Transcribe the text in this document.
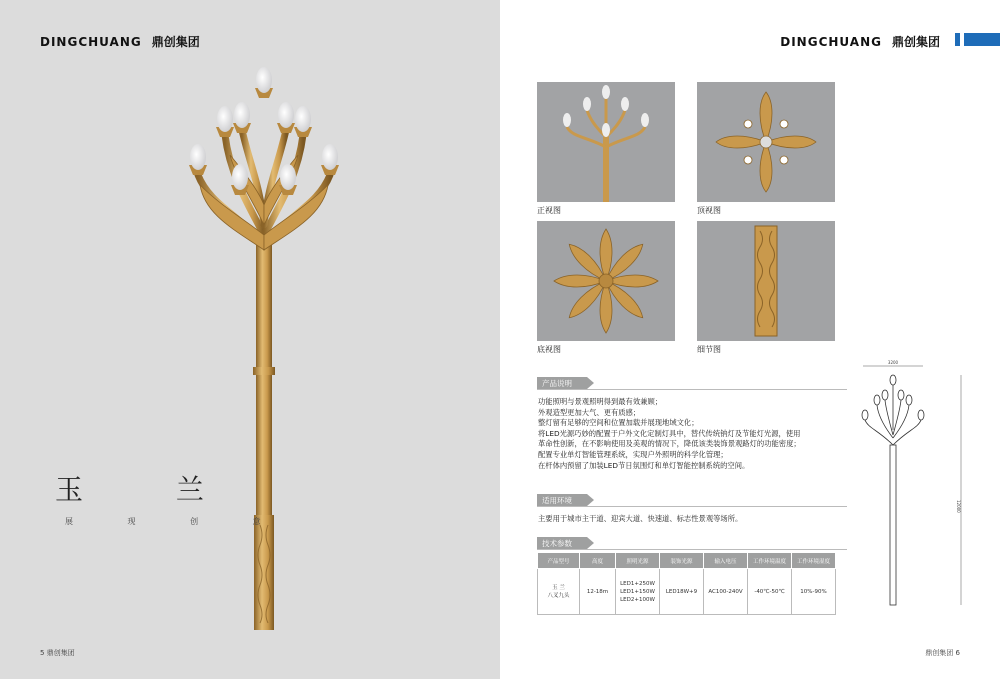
DINGCHUANG 鼎创集团
玉 兰
展 现 创 意
5 鼎创集团
DINGCHUANG 鼎创集团
正视图	顶视图
底视图	细节图
产品说明
功能照明与景观照明得到最有效兼顾；
外观造型更加大气、更有质感；
整灯留有足够的空间和位置加载并展现地域文化；
将LED光源巧妙的配置于户外文化定制灯具中，替代传统钠灯及节能灯光源，使用
革命性创新，在不影响使用及美观的情况下，降低该类装饰景观路灯的功能密度；
配置专业单灯智能管理系统，实现户外照明的科学化管理；
在杆体内预留了加装LED节日氛围灯和单灯智能控制系统的空间。
适用环境
主要用于城市主干道、迎宾大道、快速道、标志性景观等场所。
技术参数
产品型号	高度	照明光源	装饰光源	输入电压	工作环境温度	工作环境湿度
玉 兰
八叉九头	12-18m	LED1+250W
LED1+150W
LED2+100W	LED18W+9	AC100-240V	-40℃-50℃	10%-90%
3200
12000
鼎创集团 6
